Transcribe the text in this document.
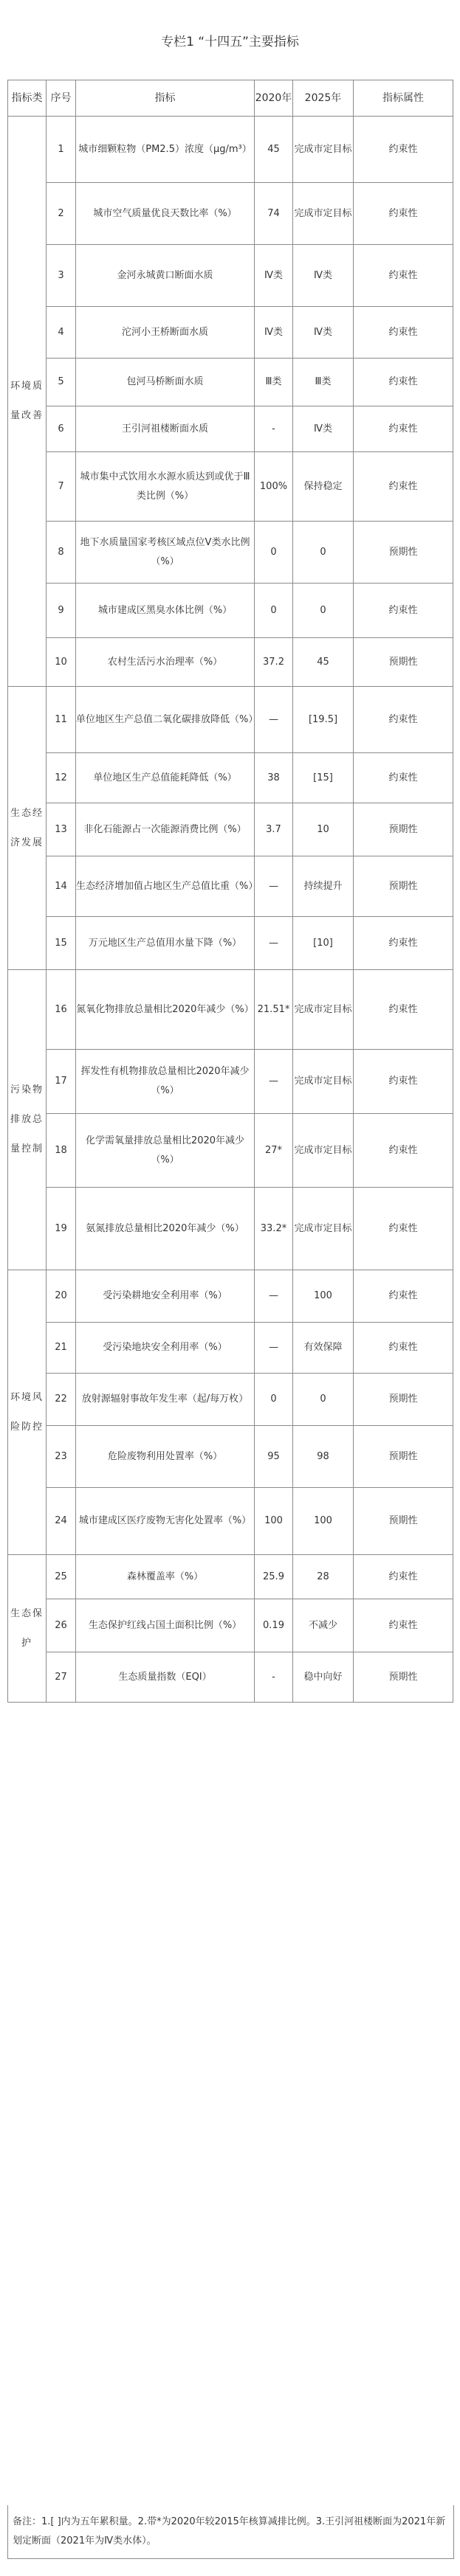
专栏1 “十四五”主要指标
指标类	序号	指标	2020年	2025年	指标属性
环境质量改善	1	城市细颗粒物（PM2.5）浓度（μg/m³）	45	完成市定目标	约束性
	2	城市空气质量优良天数比率（%）	74	完成市定目标	约束性
	3	金河永城黄口断面水质	Ⅳ类	Ⅳ类	约束性
	4	沱河小王桥断面水质	Ⅳ类	Ⅳ类	约束性
	5	包河马桥断面水质	Ⅲ类	Ⅲ类	约束性
	6	王引河祖楼断面水质	-	Ⅳ类	约束性
	7	城市集中式饮用水水源水质达到或优于Ⅲ类比例（%）	100%	保持稳定	约束性
	8	地下水质量国家考核区域点位Ⅴ类水比例（%）	0	0	预期性
	9	城市建成区黑臭水体比例（%）	0	0	约束性
	10	农村生活污水治理率（%）	37.2	45	预期性
生态经济发展	11	单位地区生产总值二氧化碳排放降低（%）	—	[19.5]	约束性
	12	单位地区生产总值能耗降低（%）	38	[15]	约束性
	13	非化石能源占一次能源消费比例（%）	3.7	10	预期性
	14	生态经济增加值占地区生产总值比重（%）	—	持续提升	预期性
	15	万元地区生产总值用水量下降（%）	—	[10]	约束性
污染物排放总量控制	16	氮氧化物排放总量相比2020年减少（%）	21.51*	完成市定目标	约束性
	17	挥发性有机物排放总量相比2020年减少（%）	—	完成市定目标	约束性
	18	化学需氧量排放总量相比2020年减少（%）	27*	完成市定目标	约束性
	19	氨氮排放总量相比2020年减少（%）	33.2*	完成市定目标	约束性
环境风险防控	20	受污染耕地安全利用率（%）	—	100	约束性
	21	受污染地块安全利用率（%）	—	有效保障	约束性
	22	放射源辐射事故年发生率（起/每万枚）	0	0	预期性
	23	危险废物利用处置率（%）	95	98	预期性
	24	城市建成区医疗废物无害化处置率（%）	100	100	预期性
生态保护	25	森林覆盖率（%）	25.9	28	约束性
	26	生态保护红线占国土面积比例（%）	0.19	不减少	约束性
	27	生态质量指数（EQI）	-	稳中向好	预期性
备注：1.[ ]内为五年累积量。2.带*为2020年较2015年核算减排比例。3.王引河祖楼断面为2021年新划定断面（2021年为Ⅳ类水体）。
